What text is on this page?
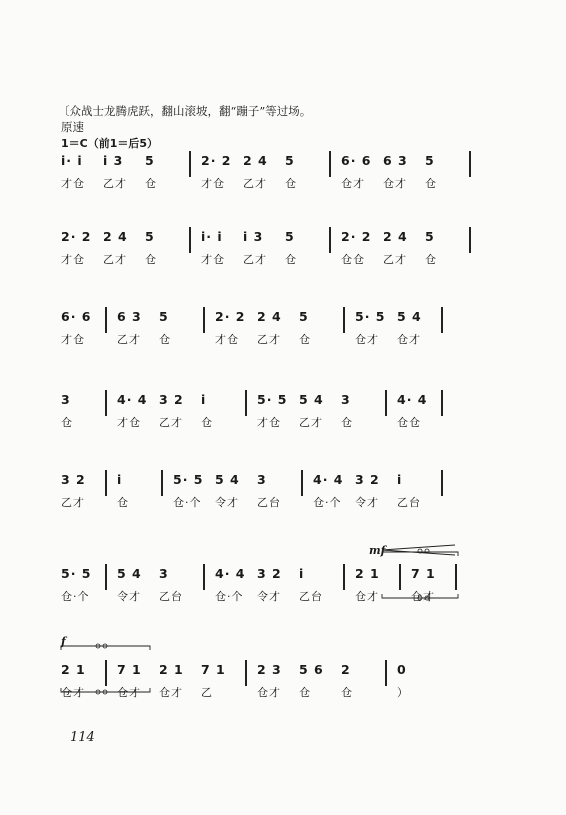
〔众战士龙腾虎跃，翻山滚坡，翻“蹦子”等过场。
原速
1＝C（前1＝后5）
mf
f
i· i
才仓
i 3
乙才
5
仓
2· 2
才仓
2 4
乙才
5
仓
6· 6
仓才
6 3
仓才
5
仓
2· 2
才仓
2 4
乙才
5
仓
i· i
才仓
i 3
乙才
5
仓
2· 2
仓仓
2 4
乙才
5
仓
6· 6
才仓
6 3
乙才
5
仓
2· 2
才仓
2 4
乙才
5
仓
5· 5
仓才
5 4
仓才
3
仓
4· 4
才仓
3 2
乙才
i
仓
5· 5
才仓
5 4
乙才
3
仓
4· 4
仓仓
3 2
乙才
i
仓
5· 5
仓·个
5 4
令才
3
乙台
4· 4
仓·个
3 2
令才
i
乙台
5· 5
仓·个
5 4
令才
3
乙台
4· 4
仓·个
3 2
令才
i
乙台
2 1
仓才
7 1
仓才
2 1
仓才
7 1
仓才
2 1
仓才
7 1
乙
2 3
仓才
5 6
仓
2
仓
0
）
114
